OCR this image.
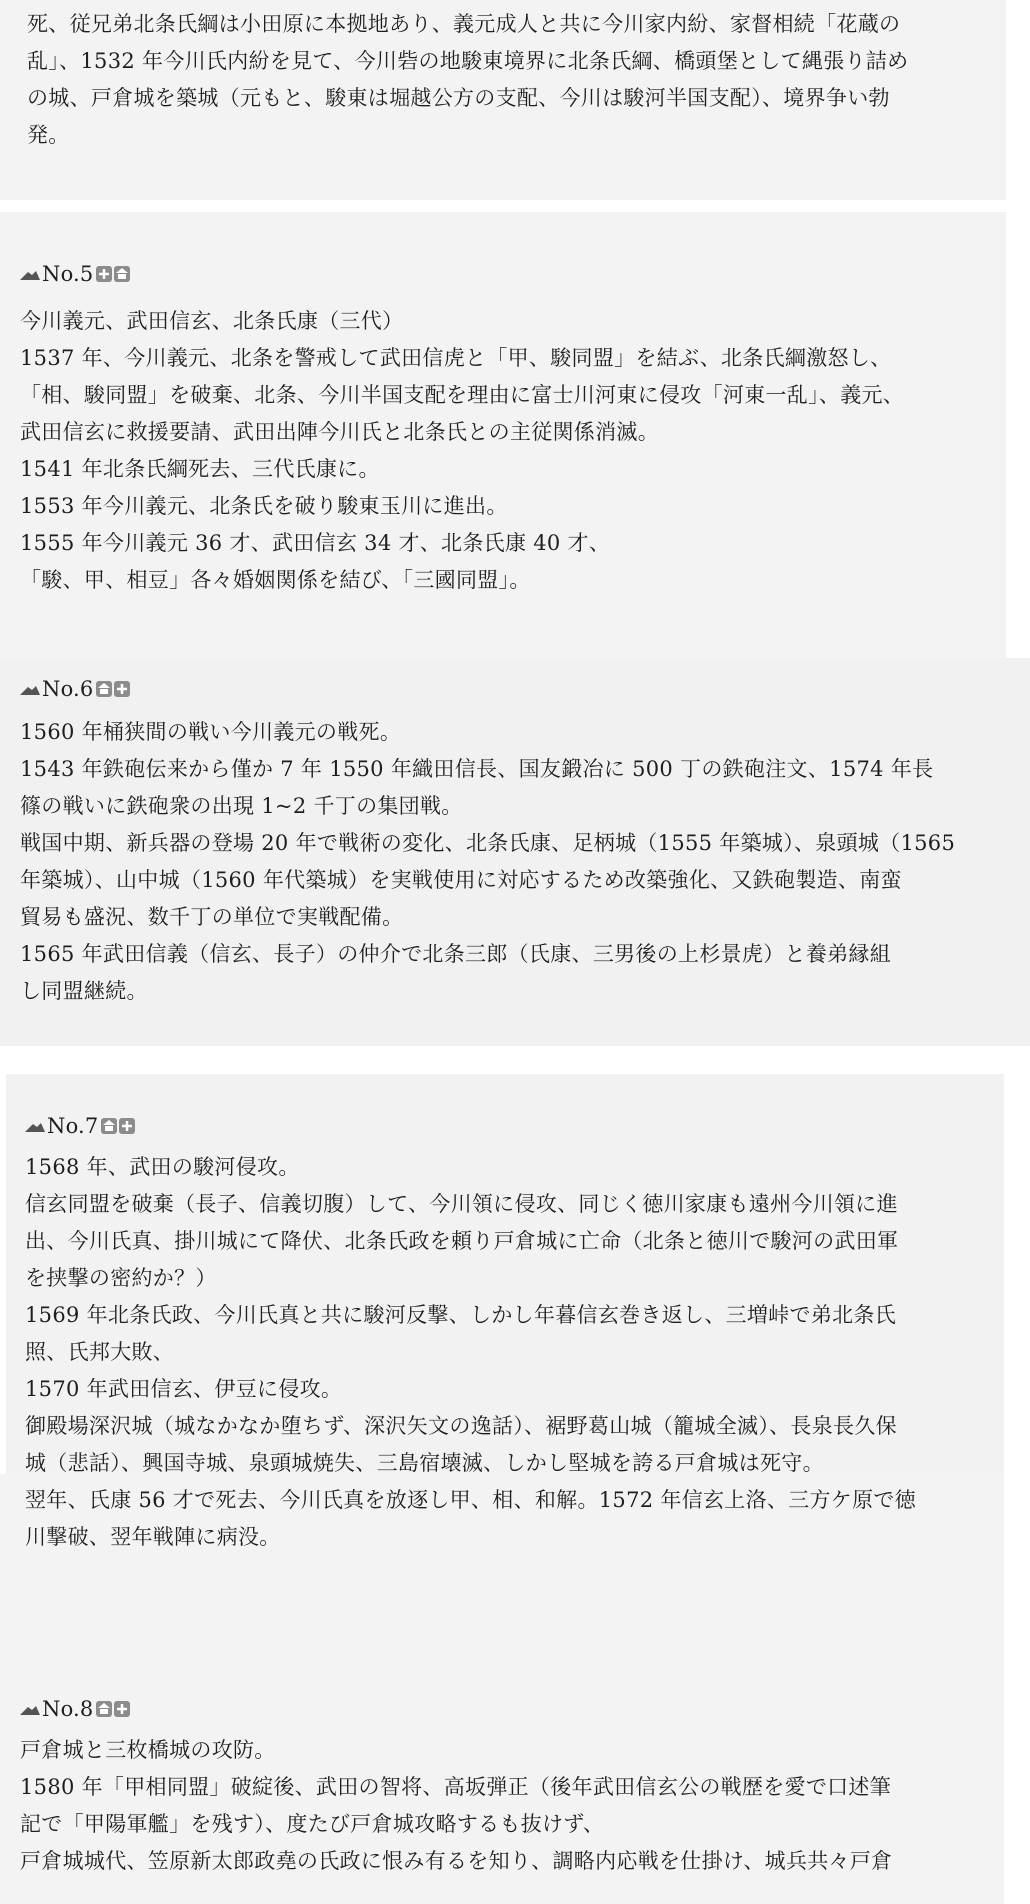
死、従兄弟北条氏綱は小田原に本拠地あり、義元成人と共に今川家内紛、家督相続「花蔵の
乱」、1532 年今川氏内紛を見て、今川砦の地駿東境界に北条氏綱、橋頭堡として縄張り詰め
の城、戸倉城を築城（元もと、駿東は堀越公方の支配、今川は駿河半国支配）、境界争い勃
発。
No.5
今川義元、武田信玄、北条氏康（三代）
1537 年、今川義元、北条を警戒して武田信虎と「甲、駿同盟」を結ぶ、北条氏綱激怒し、
「相、駿同盟」を破棄、北条、今川半国支配を理由に富士川河東に侵攻「河東一乱」、義元、
武田信玄に救援要請、武田出陣今川氏と北条氏との主従関係消滅。
1541 年北条氏綱死去、三代氏康に。
1553 年今川義元、北条氏を破り駿東玉川に進出。
1555 年今川義元 36 才、武田信玄 34 才、北条氏康 40 才、
「駿、甲、相豆」各々婚姻関係を結び、「三國同盟」。
No.6
1560 年桶狭間の戦い今川義元の戦死。
1543 年鉄砲伝来から僅か 7 年 1550 年織田信長、国友鍛冶に 500 丁の鉄砲注文、1574 年長
篠の戦いに鉄砲衆の出現 1~2 千丁の集団戦。
戦国中期、新兵器の登場 20 年で戦術の変化、北条氏康、足柄城（1555 年築城）、泉頭城（1565
年築城）、山中城（1560 年代築城）を実戦使用に対応するため改築強化、又鉄砲製造、南蛮
貿易も盛況、数千丁の単位で実戦配備。
1565 年武田信義（信玄、長子）の仲介で北条三郎（氏康、三男後の上杉景虎）と養弟縁組
し同盟継続。
No.7
1568 年、武田の駿河侵攻。
信玄同盟を破棄（長子、信義切腹）して、今川領に侵攻、同じく徳川家康も遠州今川領に進
出、今川氏真、掛川城にて降伏、北条氏政を頼り戸倉城に亡命（北条と徳川で駿河の武田軍
を挟撃の密約か？）
1569 年北条氏政、今川氏真と共に駿河反撃、しかし年暮信玄巻き返し、三増峠で弟北条氏
照、氏邦大敗、
1570 年武田信玄、伊豆に侵攻。
御殿場深沢城（城なかなか堕ちず、深沢矢文の逸話）、裾野葛山城（籠城全滅）、長泉長久保
城（悲話）、興国寺城、泉頭城焼失、三島宿壊滅、しかし堅城を誇る戸倉城は死守。
翌年、氏康 56 才で死去、今川氏真を放逐し甲、相、和解。1572 年信玄上洛、三方ケ原で徳
川撃破、翌年戦陣に病没。
No.8
戸倉城と三枚橋城の攻防。
1580 年「甲相同盟」破綻後、武田の智将、高坂弾正（後年武田信玄公の戦歴を愛で口述筆
記で「甲陽軍艦」を残す）、度たび戸倉城攻略するも抜けず、
戸倉城城代、笠原新太郎政堯の氏政に恨み有るを知り、調略内応戦を仕掛け、城兵共々戸倉
